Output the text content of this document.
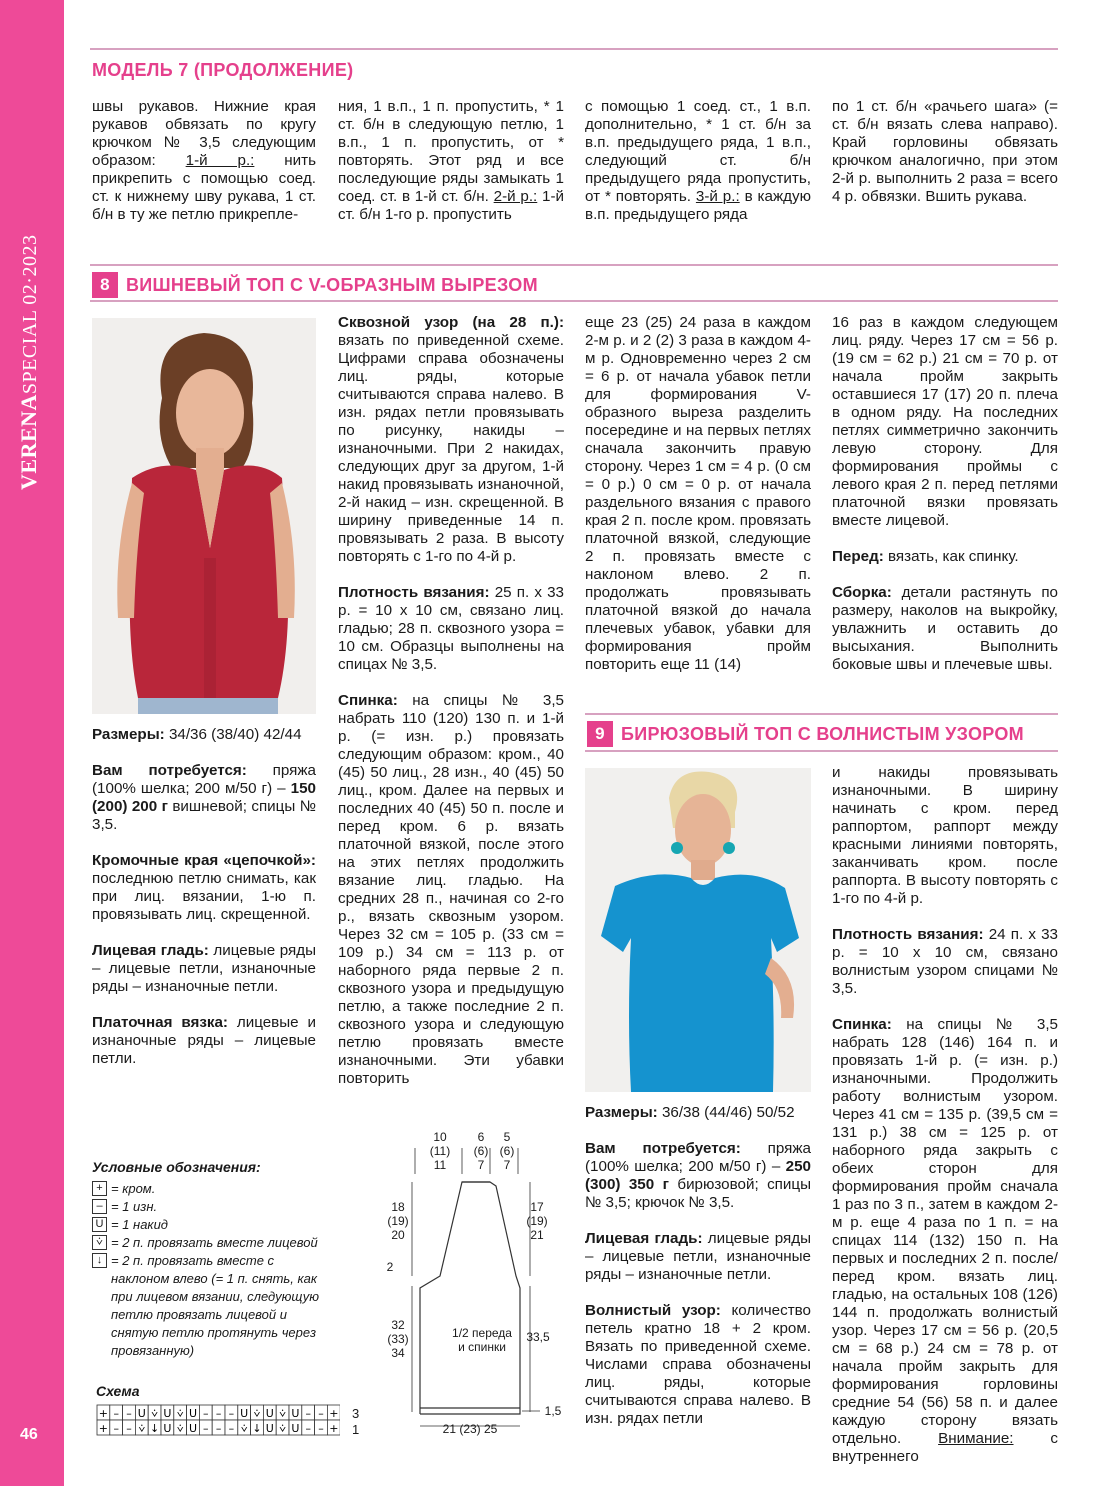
VERENASPECIAL 02·2023
46
МОДЕЛЬ 7 (ПРОДОЛЖЕНИЕ)

швы рукавов. Нижние края рукавов обвязать по кругу крючком № 3,5 следующим образом: 1-й р.: нить прикрепить с помощью соед. ст. к нижнему шву рукава, 1 ст. б/н в ту же петлю прикрепле-

ния, 1 в.п., 1 п. пропустить, * 1 ст. б/н в следующую петлю, 1 в.п., 1 п. пропустить, от * повторять. Этот ряд и все последующие ряды замыкать 1 соед. ст. в 1-й ст. б/н. 2-й р.: 1-й ст. б/н 1-го р. пропустить

с помощью 1 соед. ст., 1 в.п. дополнительно, * 1 ст. б/н за в.п. предыдущего ряда, 1 в.п., следующий ст. б/н предыдущего ряда пропустить, от * повторять. 3-й р.: в каждую в.п. предыдущего ряда

по 1 ст. б/н «рачьего шага» (= ст. б/н вязать слева направо). Край горловины обвязать крючком аналогично, при этом 2-й р. выполнить 2 раза = всего 4 р. обвязки. Вшить рукава.

8 ВИШНЕВЫЙ ТОП С V-ОБРАЗНЫМ ВЫРЕЗОМ

Размеры: 34/36 (38/40) 42/44

Вам потребуется: пряжа (100% шелка; 200 м/50 г) – 150 (200) 200 г вишневой; спицы № 3,5.

Кромочные края «цепочкой»: последнюю петлю снимать, как при лиц. вязании, 1-ю п. провязывать лиц. скрещенной.

Лицевая гладь: лицевые ряды – лицевые петли, изнаночные ряды – изнаночные петли.

Платочная вязка: лицевые и изнаночные ряды – лицевые петли.

Сквозной узор (на 28 п.): вязать по приведенной схеме. Цифрами справа обозначены лиц. ряды, которые считываются справа налево. В изн. рядах петли провязывать по рисунку, накиды – изнаночными. При 2 накидах, следующих друг за другом, 1-й накид провязывать изнаночной, 2-й накид – изн. скрещенной. В ширину приведенные 14 п. провязывать 2 раза. В высоту повторять с 1-го по 4-й р.

Плотность вязания: 25 п. х 33 р. = 10 х 10 см, связано лиц. гладью; 28 п. сквозного узора = 10 см. Образцы выполнены на спицах № 3,5.

Спинка: на спицы № 3,5 набрать 110 (120) 130 п. и 1-й р. (= изн. р.) провязать следующим образом: кром., 40 (45) 50 лиц., 28 изн., 40 (45) 50 лиц., кром. Далее на первых и последних 40 (45) 50 п. после и перед кром. 6 р. вязать платочной вязкой, после этого на этих петлях продолжить вязание лиц. гладью. На средних 28 п., начиная со 2-го р., вязать сквозным узором. Через 32 см = 105 р. (33 см = 109 р.) 34 см = 113 р. от наборного ряда первые 2 п. сквозного узора и предыдущую петлю, а также последние 2 п. сквозного узора и следующую петлю провязать вместе изнаночными. Эти убавки повторить

еще 23 (25) 24 раза в каждом 2-м р. и 2 (2) 3 раза в каждом 4-м р. Одновременно через 2 см = 6 р. от начала убавок петли для формирования V-образного выреза разделить посередине и на первых петлях сначала закончить правую сторону. Через 1 см = 4 р. (0 см = 0 р.) 0 см = 0 р. от начала раздельного вязания с правого края 2 п. после кром. провязать платочной вязкой, следующие 2 п. провязать вместе с наклоном влево. 2 п. продолжать провязывать платочной вязкой до начала плечевых убавок, убавки для формирования пройм повторить еще 11 (14)

16 раз в каждом следующем лиц. ряду. Через 17 см = 56 р. (19 см = 62 р.) 21 см = 70 р. от начала пройм закрыть оставшиеся 17 (17) 20 п. плеча в одном ряду. На последних петлях симметрично закончить левую сторону. Для формирования проймы с левого края 2 п. перед петлями платочной вязки провязать вместе лицевой.

Перед: вязать, как спинку.

Сборка: детали растянуть по размеру, наколов на выкройку, увлажнить и оставить до высыхания. Выполнить боковые швы и плечевые швы.

Условные обозначения:
+ = кром.
– = 1 изн.
U = 1 накид
⩒ = 2 п. провязать вместе лицевой
↓ = 2 п. провязать вместе с наклоном влево (= 1 п. снять, как при лицевом вязании, следующую петлю провязать лицевой и снятую петлю протянуть через провязанную)
Схема
+ – – U ⩒ U ⩒ U – – – U ⩒ U ⩒ U – – +
+ – – ⩒ ↓ U ⩒ U – – – ⩒ ↓ U ⩒ U – – +
3
1
10
(11)
11
6
(6)
7
5
(6)
7
18
(19)
20
17
(19)
21
2
32
(33)
34
33,5
1/2 переда
и спинки
1,5
21 (23) 25
9 БИРЮЗОВЫЙ ТОП С ВОЛНИСТЫМ УЗОРОМ

Размеры: 36/38 (44/46) 50/52

Вам потребуется: пряжа (100% шелка; 200 м/50 г) – 250 (300) 350 г бирюзовой; спицы № 3,5; крючок № 3,5.

Лицевая гладь: лицевые ряды – лицевые петли, изнаночные ряды – изнаночные петли.

Волнистый узор: количество петель кратно 18 + 2 кром. Вязать по приведенной схеме. Числами справа обозначены лиц. ряды, которые считываются справа налево. В изн. рядах петли

и накиды провязывать изнаночными. В ширину начинать с кром. перед раппортом, раппорт между красными линиями повторять, заканчивать кром. после раппорта. В высоту повторять с 1-го по 4-й р.

Плотность вязания: 24 п. х 33 р. = 10 х 10 см, связано волнистым узором спицами № 3,5.

Спинка: на спицы № 3,5 набрать 128 (146) 164 п. и провязать 1-й р. (= изн. р.) изнаночными. Продолжить работу волнистым узором. Через 41 см = 135 р. (39,5 см = 131 р.) 38 см = 125 р. от наборного ряда закрыть с обеих сторон для формирования пройм сначала 1 раз по 3 п., затем в каждом 2-м р. еще 4 раза по 1 п. = на спицах 114 (132) 150 п. На первых и последних 2 п. после/перед кром. вязать лиц. гладью, на остальных 108 (126) 144 п. продолжать волнистый узор. Через 17 см = 56 р. (20,5 см = 68 р.) 24 см = 78 р. от начала пройм закрыть для формирования горловины средние 54 (56) 58 п. и далее каждую сторону вязать отдельно. Внимание: с внутреннего
